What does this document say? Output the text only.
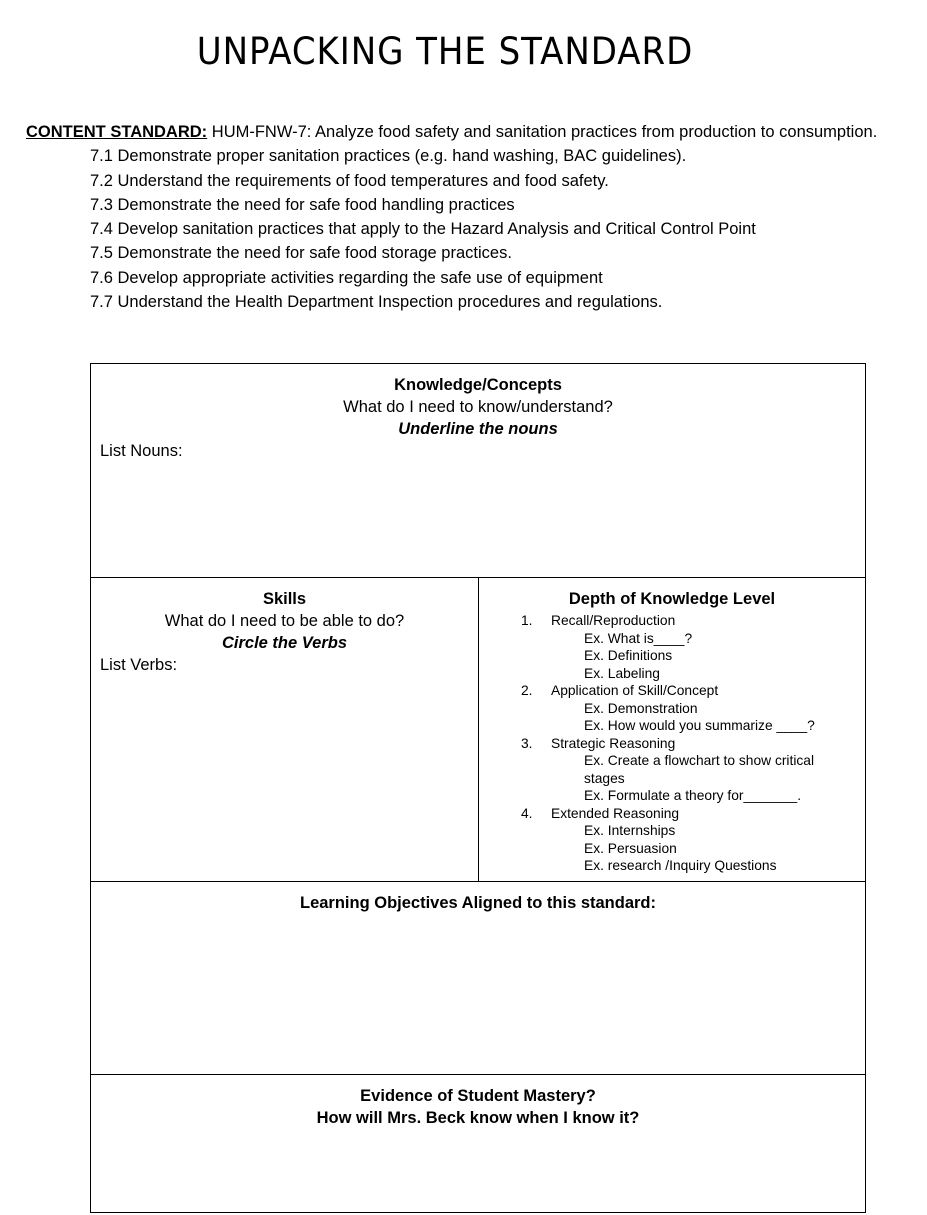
UNPACKING THE STANDARD
CONTENT STANDARD: HUM-FNW-7: Analyze food safety and sanitation practices from production to consumption.
7.1 Demonstrate proper sanitation practices (e.g. hand washing, BAC guidelines).
7.2 Understand the requirements of food temperatures and food safety.
7.3 Demonstrate the need for safe food handling practices
7.4 Develop sanitation practices that apply to the Hazard Analysis and Critical Control Point
7.5 Demonstrate the need for safe food storage practices.
7.6 Develop appropriate activities regarding the safe use of equipment
7.7 Understand the Health Department Inspection procedures and regulations.
Knowledge/Concepts
What do I need to know/understand?
Underline the nouns
List Nouns:
Skills
What do I need to be able to do?
Circle the Verbs
List Verbs:
Depth of Knowledge Level
1. Recall/Reproduction
Ex. What is____?
Ex. Definitions
Ex. Labeling
2. Application of Skill/Concept
Ex. Demonstration
Ex. How would you summarize ____?
3. Strategic Reasoning
Ex. Create a flowchart to show critical
stages
Ex. Formulate a theory for_______.
4. Extended Reasoning
Ex. Internships
Ex. Persuasion
Ex. research /Inquiry Questions
Learning Objectives Aligned to this standard:
Evidence of Student Mastery?
How will Mrs. Beck know when I know it?
